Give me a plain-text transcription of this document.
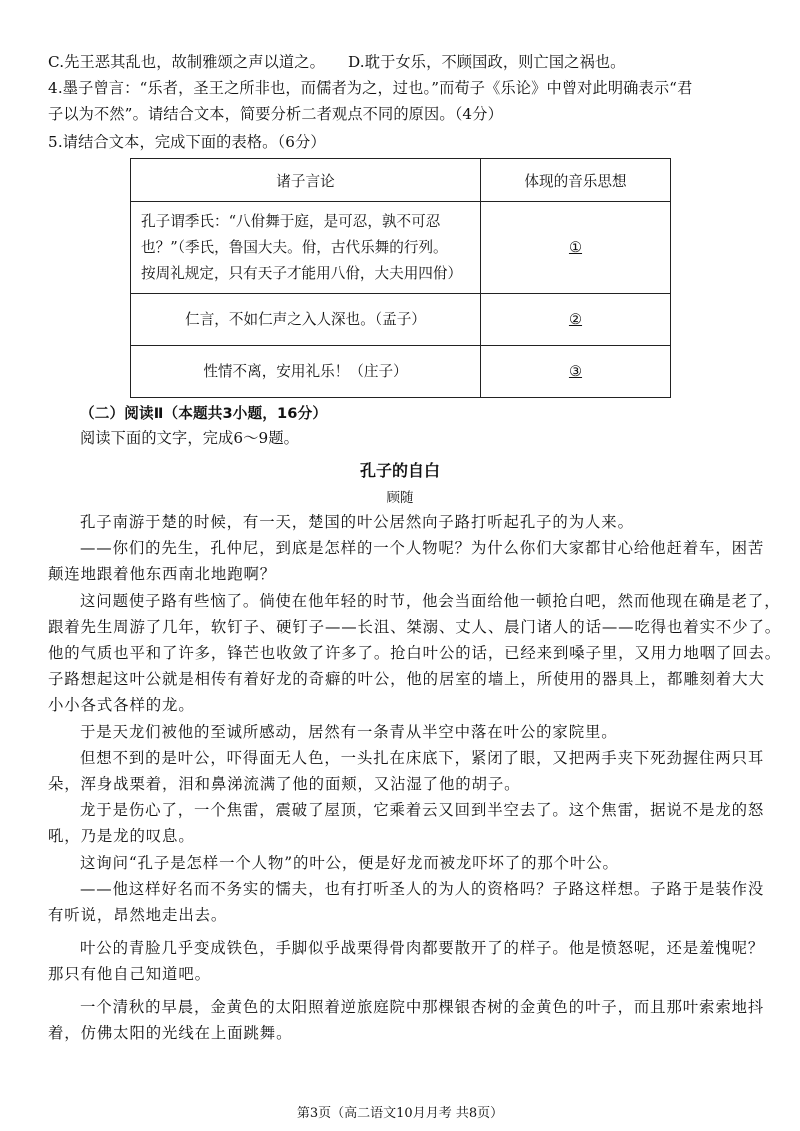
C.先王恶其乱也，故制雅颂之声以道之。　　D.耽于女乐，不顾国政，则亡国之祸也。
4.墨子曾言：“乐者，圣王之所非也，而儒者为之，过也。”而荀子《乐论》中曾对此明确表示“君
子以为不然”。请结合文本，简要分析二者观点不同的原因。（4分）
5.请结合文本，完成下面的表格。（6分）
诸子言论	体现的音乐思想

孔子谓季氏：“八佾舞于庭，是可忍，孰不可忍
也？”（季氏，鲁国大夫。佾，古代乐舞的行列。
按周礼规定，只有天子才能用八佾，大夫用四佾）	①

仁言，不如仁声之入人深也。（孟子）	②

性情不离，安用礼乐！（庄子）	③
（二）阅读Ⅱ（本题共3小题，16分）
阅读下面的文字，完成6～9题。
孔子的自白
顾随
孔子南游于楚的时候，有一天，楚国的叶公居然向子路打听起孔子的为人来。
——你们的先生，孔仲尼，到底是怎样的一个人物呢？为什么你们大家都甘心给他赶着车，困苦
颠连地跟着他东西南北地跑啊？
这问题使子路有些恼了。倘使在他年轻的时节，他会当面给他一顿抢白吧，然而他现在确是老了，
跟着先生周游了几年，软钉子、硬钉子——长沮、桀溺、丈人、晨门诸人的话——吃得也着实不少了。
他的气质也平和了许多，锋芒也收敛了许多了。抢白叶公的话，已经来到嗓子里，又用力地咽了回去。
子路想起这叶公就是相传有着好龙的奇癖的叶公，他的居室的墙上，所使用的器具上，都雕刻着大大
小小各式各样的龙。
于是天龙们被他的至诚所感动，居然有一条青从半空中落在叶公的家院里。
但想不到的是叶公，吓得面无人色，一头扎在床底下，紧闭了眼，又把两手夹下死劲握住两只耳
朵，浑身战栗着，泪和鼻涕流满了他的面颊，又沾湿了他的胡子。
龙于是伤心了，一个焦雷，震破了屋顶，它乘着云又回到半空去了。这个焦雷，据说不是龙的怒
吼，乃是龙的叹息。
这询问“孔子是怎样一个人物”的叶公，便是好龙而被龙吓坏了的那个叶公。
——他这样好名而不务实的懦夫，也有打听圣人的为人的资格吗？子路这样想。子路于是装作没
有听说，昂然地走出去。
叶公的青脸几乎变成铁色，手脚似乎战栗得骨肉都要散开了的样子。他是愤怒呢，还是羞愧呢？
那只有他自己知道吧。
一个清秋的早晨，金黄色的太阳照着逆旅庭院中那棵银杏树的金黄色的叶子，而且那叶索索地抖
着，仿佛太阳的光线在上面跳舞。
第3页（高二语文10月月考 共8页）
